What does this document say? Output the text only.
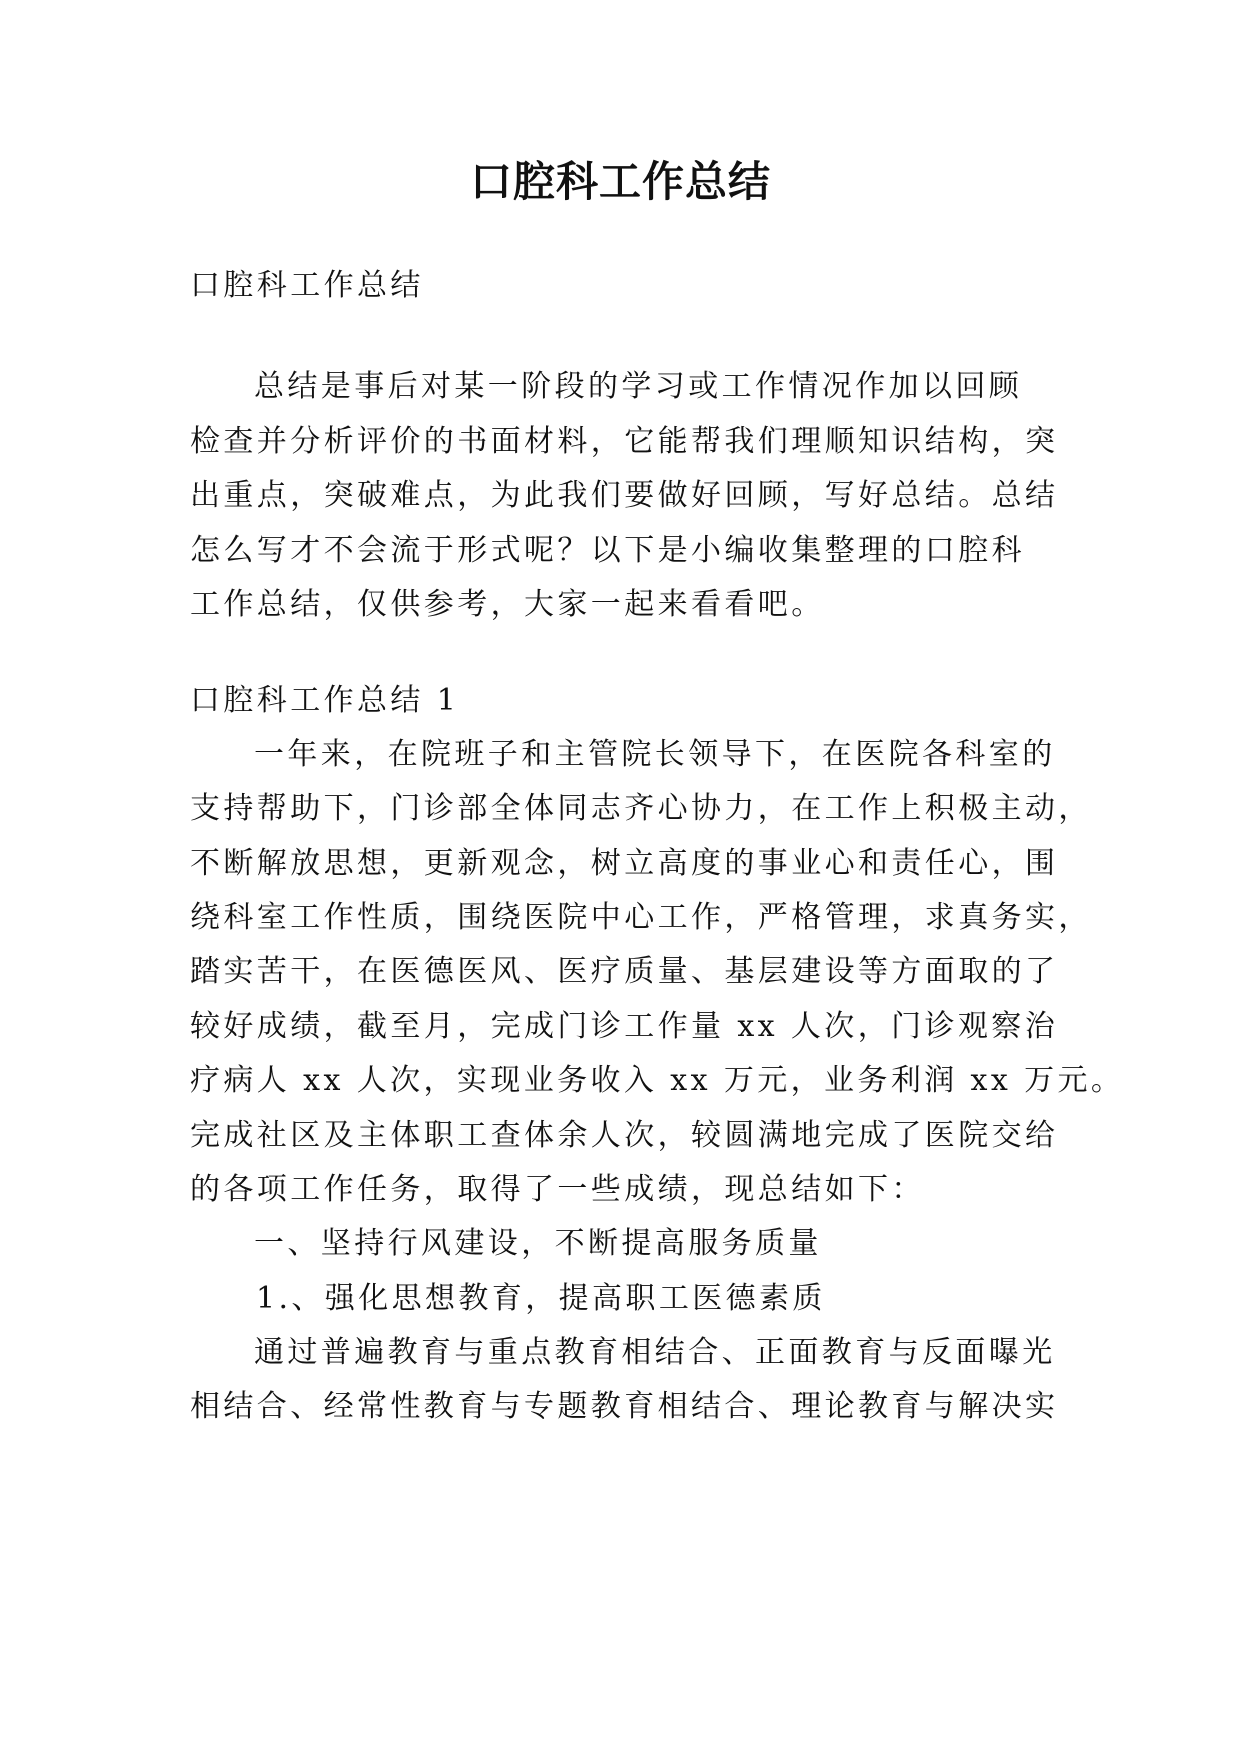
口腔科工作总结
口腔科工作总结
总结是事后对某一阶段的学习或工作情况作加以回顾
检查并分析评价的书面材料，它能帮我们理顺知识结构，突
出重点，突破难点，为此我们要做好回顾，写好总结。总结
怎么写才不会流于形式呢？以下是小编收集整理的口腔科
工作总结，仅供参考，大家一起来看看吧。
口腔科工作总结 1
一年来，在院班子和主管院长领导下，在医院各科室的
支持帮助下，门诊部全体同志齐心协力，在工作上积极主动，
不断解放思想，更新观念，树立高度的事业心和责任心，围
绕科室工作性质，围绕医院中心工作，严格管理，求真务实，
踏实苦干，在医德医风、医疗质量、基层建设等方面取的了
较好成绩，截至月，完成门诊工作量 xx 人次，门诊观察治
疗病人 xx 人次，实现业务收入 xx 万元，业务利润 xx 万元。
完成社区及主体职工查体余人次，较圆满地完成了医院交给
的各项工作任务，取得了一些成绩，现总结如下：
一、坚持行风建设，不断提高服务质量
1.、强化思想教育，提高职工医德素质
通过普遍教育与重点教育相结合、正面教育与反面曝光
相结合、经常性教育与专题教育相结合、理论教育与解决实
